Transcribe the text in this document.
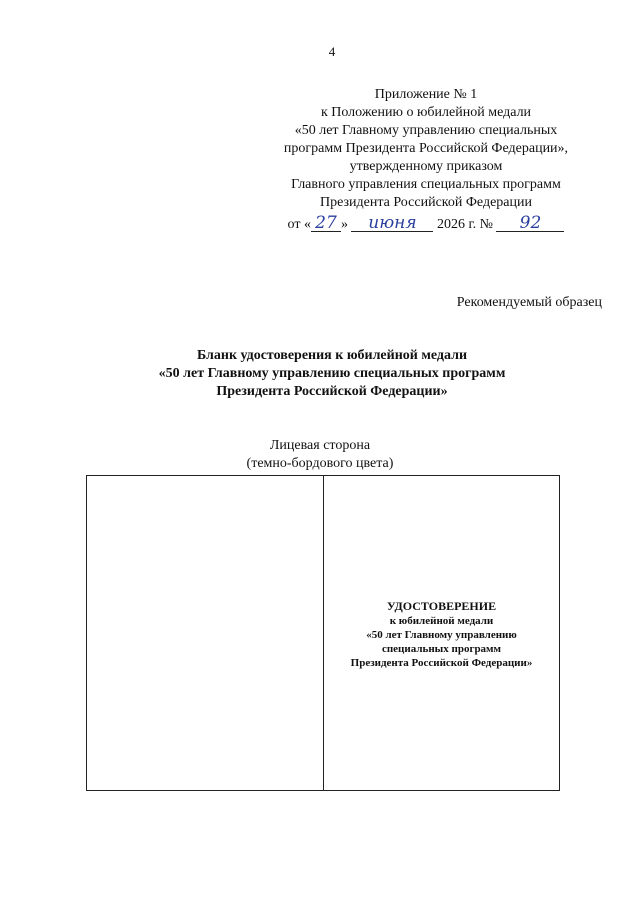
4
Приложение № 1
к Положению о юбилейной медали
«50 лет Главному управлению специальных
программ Президента Российской Федерации»,
утвержденному приказом
Главного управления специальных программ
Президента Российской Федерации
от « 27 » июня 2026 г. № 92
Рекомендуемый образец
Бланк удостоверения к юбилейной медали
«50 лет Главному управлению специальных программ
Президента Российской Федерации»
Лицевая сторона
(темно-бордового цвета)
УДОСТОВЕРЕНИЕ
к юбилейной медали
«50 лет Главному управлению
специальных программ
Президента Российской Федерации»
